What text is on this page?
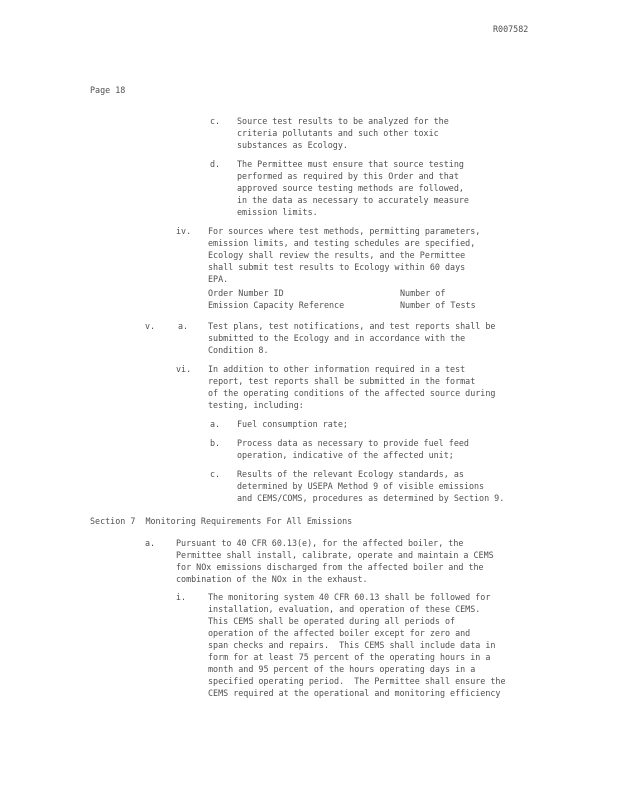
R007582
Page 18
c. Source test results to be analyzed for the
criteria pollutants and such other toxic
substances as Ecology.
d. The Permittee must ensure that source testing
performed as required by this Order and that
approved source testing methods are followed,
in the data as necessary to accurately measure
emission limits.
iv. For sources where test methods, permitting parameters,
emission limits, and testing schedules are specified,
Ecology shall review the results, and the Permittee
shall submit test results to Ecology within 60 days
EPA.
Order Number ID	Number of
Emission Capacity Reference	Number of Tests
v.	a. Test plans, test notifications, and test reports shall be
submitted to the Ecology and in accordance with the
Condition 8.
vi. In addition to other information required in a test
report, test reports shall be submitted in the format
of the operating conditions of the affected source during
testing, including:
a. Fuel consumption rate;
b. Process data as necessary to provide fuel feed
operation, indicative of the affected unit;
c. Results of the relevant Ecology standards, as
determined by USEPA Method 9 of visible emissions
and CEMS/COMS, procedures as determined by Section 9.
Section 7  Monitoring Requirements For All Emissions
a. Pursuant to 40 CFR 60.13(e), for the affected boiler, the
Permittee shall install, calibrate, operate and maintain a CEMS
for NOx emissions discharged from the affected boiler and the
combination of the NOx in the exhaust.
i.	The monitoring system 40 CFR 60.13 shall be followed for
installation, evaluation, and operation of these CEMS.
This CEMS shall be operated during all periods of
operation of the affected boiler except for zero and
span checks and repairs.  This CEMS shall include data in
form for at least 75 percent of the operating hours in a
month and 95 percent of the hours operating days in a
specified operating period.  The Permittee shall ensure the
CEMS required at the operational and monitoring efficiency
